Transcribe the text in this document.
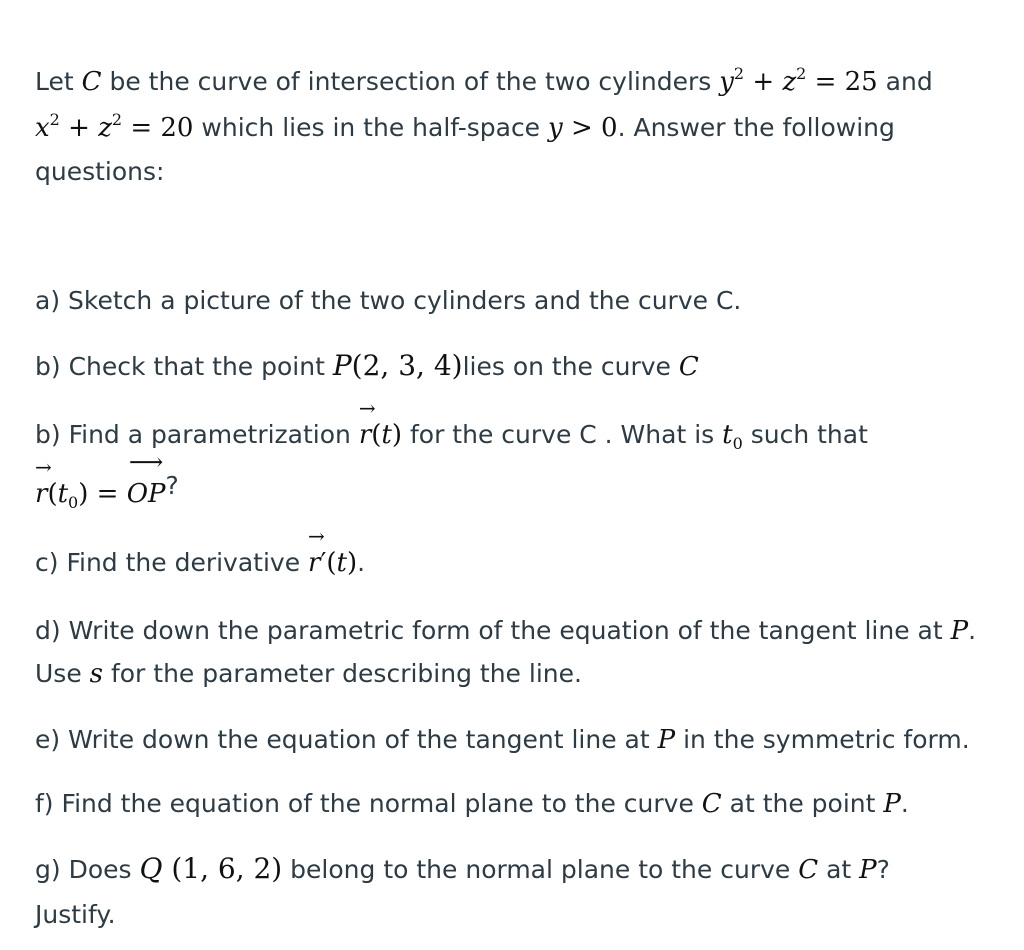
Let C be the curve of intersection of the two cylinders $y^2 + z^2 = 25$ and
$x^2 + z^2 = 20$ which lies in the half-space y > 0. Answer the following
questions:
a) Sketch a picture of the two cylinders and the curve C.
b) Check that the point P(2, 3, 4)lies on the curve C
b) Find a parametrization → r(t) for the curve C . What is $t_0$ such that
→ $r(t_0)$ = ⟶ OP?
c) Find the derivative → r′(t).
d) Write down the parametric form of the equation of the tangent line at P.
Use s for the parameter describing the line.
e) Write down the equation of the tangent line at P in the symmetric form.
f) Find the equation of the normal plane to the curve C at the point P.
g) Does Q (1, 6, 2) belong to the normal plane to the curve C at P?
Justify.
